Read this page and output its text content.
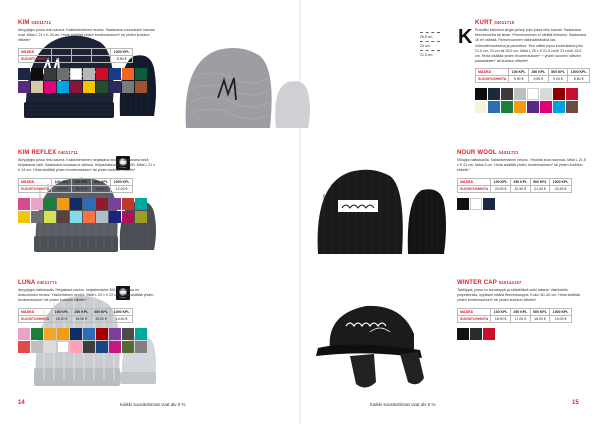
KIM 04011711
Akryylipipo jossa reilu sauma. Kaksinkertainen neulos. Saatavana vuorauksen kanssa ovat. Mitat L 21 x K 24 cm. Hinta sisältää yhden brodeerauksen* tai yhden kudotun etiketin*
MÄÄRÄ	100 KPL	250 KPL	500 KPL	1000 KPL
SUOSITUSHINTA	9,90 €	9,50 €	9,00 €	8,50 €
Reipatar
KIM REFLEX 04011711
Akryylipipo jossa reilu sauma. Kaksinkertainen heijastava neulos. Saatavana sekä heijastavat värit. Saatavana useassa ei värissä. Heijastusbrodeeraus 300. Mitat L 21 x K 24 cm. Hinta sisältää yhden brodeerauksen* tai yhden kudotun etiketin*
MÄÄRÄ	100 KPL	250 KPL	500 KPL	1000 KPL
SUOSITUSHINTA	19,90 €	18,00 €	16,00 €	12,00 €
Reipatar
LUNA 04011771
Akryylipipo taittokaulla. Heijastava neulos, heijastenauha 300. Yläosassa on isokuvioinen neulos. Yksikertainen neulos. Mitat L 20 x K 22 cm. Hinta sisältää yhden brodeerauksen* tai yhden kudotun etiketin*
MÄÄRÄ	100 KPL	250 KPL	500 KPL	1000 KPL
SUOSITUSHINTA	16,90 €	16,00 €	15,00 €	14,50 €
25,5 cm
23 cm
21,5 cm
K
KURT 04011715
Pussillisi kiskotoni single-jersey pipo jossa reilu sauma. Saatavana fleecevuorilla tai ilman. Fleecevuorinen ei värittiä erikseen. Saatavana 16 eri värissä. Fleecevuorinen näkinsähtävänä taa, rivibrodeerauksena ja-paneelina. Yksi vallita pipon korkeuksiksi joko 21,5 cm, 23 cm tai 25,5 cm. Mitat L 26 x K 21,5 cm/K 23 cm/K 25,5 cm. Hinta sisältää yhden brodeerauksen* + yhden suurien/ silkvien painatuksen* tai kudotun etiketin*
MÄÄRÄ	100 KPL	250 KPL	500 KPL	1000 KPL
SUOSITUSHINTA	9,90 €	9,50 €	9,00 €	8,50 €
NOUR WOOL 04011721
Villapipo taittokaulla. Kaksinkertainen neulos. Yhtoisfa kuvo saumaa. Mitat L 21,5 x K 22 cm, taitos 5 cm. Hinta sisältää yhden brodeerauksen* tai yhden kudotun etiketin*
MÄÄRÄ	100 KPL	250 KPL	500 KPL	1000 KPL
SUOSITUSHINTA	23,90 €	22,50 €	21,00 €	20,90 €
WINTER CAP 040144157
Talvilippis, jossa on korvalappit ja säädettävä solki takana. Valmistettu polyesterista, lippiksen sisällä fleecevkauppa. Koko: 60–62 cm. Hinta sisältää yhden brodeerauksen* tai yhden kudotun etiketin*
MÄÄRÄ	100 KPL	250 KPL	500 KPL	1000 KPL
SUOSITUSHINTA	18,90 €	17,00 €	16,00 €	15,00 €
14	Kaikki suosituhinnat ovat alv 0 %	Kaikki suosituhinnat ovat alv 0 %	15
